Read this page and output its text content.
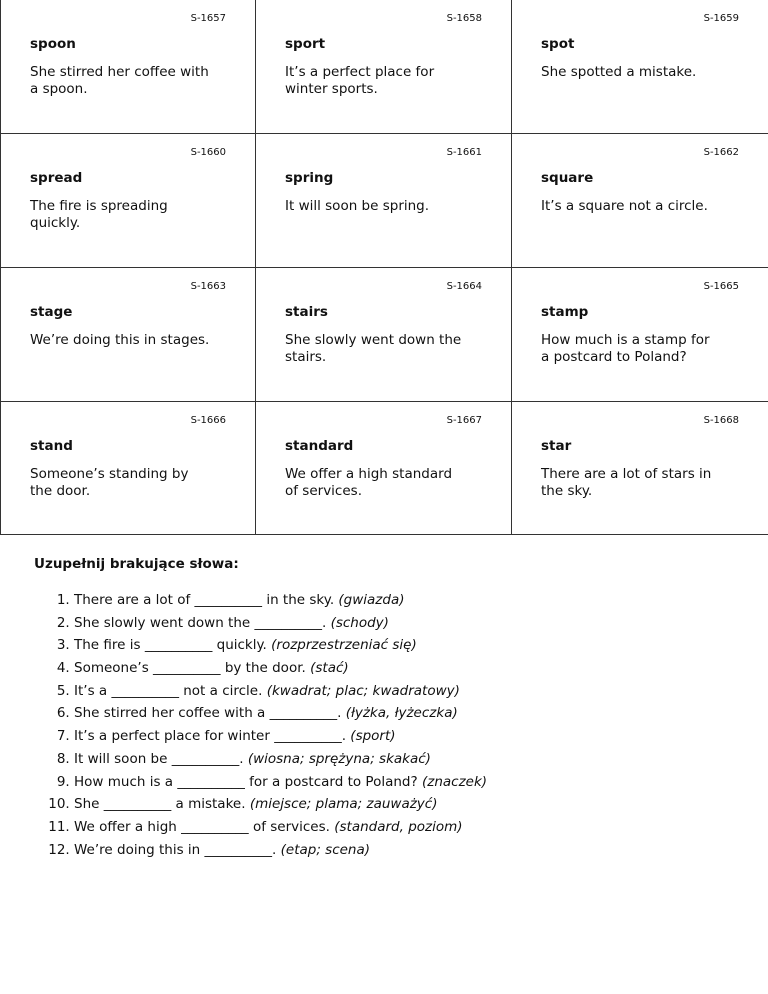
S-1657
spoon
She stirred her coffee with a spoon.
S-1658
sport
It’s a perfect place for winter sports.
S-1659
spot
She spotted a mistake.
S-1660
spread
The fire is spreading quickly.
S-1661
spring
It will soon be spring.
S-1662
square
It’s a square not a circle.
S-1663
stage
We’re doing this in stages.
S-1664
stairs
She slowly went down the stairs.
S-1665
stamp
How much is a stamp for a postcard to Poland?
S-1666
stand
Someone’s standing by the door.
S-1667
standard
We offer a high standard of services.
S-1668
star
There are a lot of stars in the sky.
Uzupełnij brakujące słowa:
1. There are a lot of __________ in the sky. (gwiazda)
2. She slowly went down the __________. (schody)
3. The fire is __________ quickly. (rozprzestrzeniać się)
4. Someone’s __________ by the door. (stać)
5. It’s a __________ not a circle. (kwadrat; plac; kwadratowy)
6. She stirred her coffee with a __________. (łyżka, łyżeczka)
7. It’s a perfect place for winter __________. (sport)
8. It will soon be __________. (wiosna; sprężyna; skakać)
9. How much is a __________ for a postcard to Poland? (znaczek)
10. She __________ a mistake. (miejsce; plama; zauważyć)
11. We offer a high __________ of services. (standard, poziom)
12. We’re doing this in __________. (etap; scena)
